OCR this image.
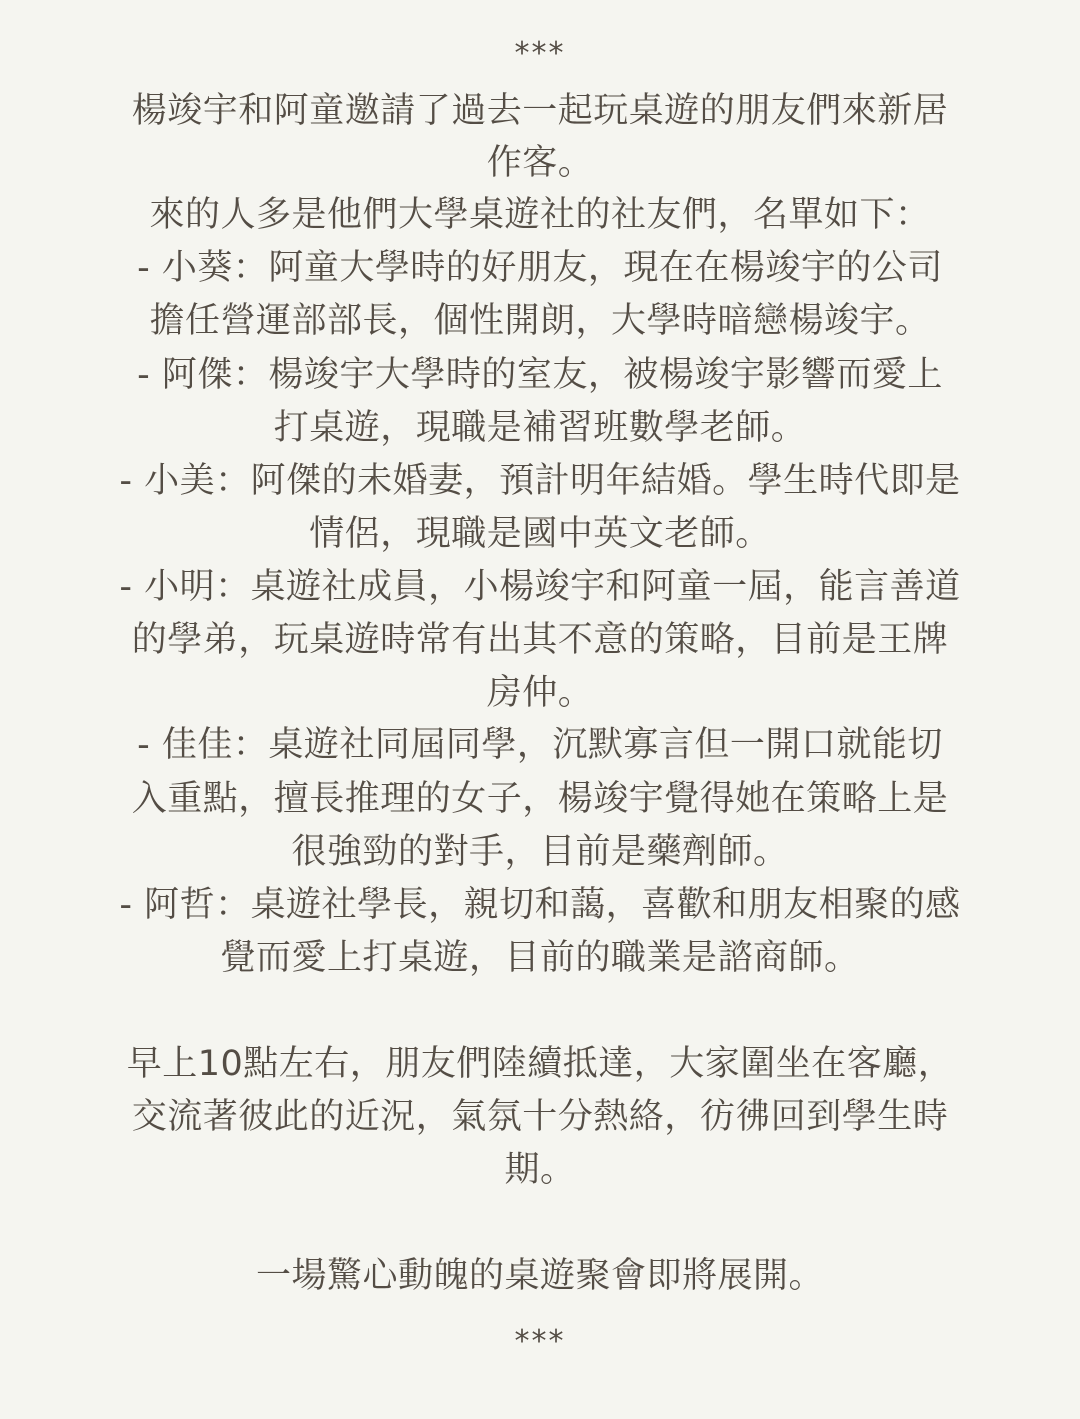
***
楊竣宇和阿童邀請了過去一起玩桌遊的朋友們來新居
作客。
來的人多是他們大學桌遊社的社友們，名單如下：
- 小葵：阿童大學時的好朋友，現在在楊竣宇的公司
擔任營運部部長，個性開朗，大學時暗戀楊竣宇。
- 阿傑：楊竣宇大學時的室友，被楊竣宇影響而愛上
打桌遊，現職是補習班數學老師。
- 小美：阿傑的未婚妻，預計明年結婚。學生時代即是
情侶，現職是國中英文老師。
- 小明：桌遊社成員，小楊竣宇和阿童一屆，能言善道
的學弟，玩桌遊時常有出其不意的策略，目前是王牌
房仲。
- 佳佳：桌遊社同屆同學，沉默寡言但一開口就能切
入重點，擅長推理的女子，楊竣宇覺得她在策略上是
很強勁的對手，目前是藥劑師。
- 阿哲：桌遊社學長，親切和藹，喜歡和朋友相聚的感
覺而愛上打桌遊，目前的職業是諮商師。
早上10點左右，朋友們陸續抵達，大家圍坐在客廳，
交流著彼此的近況，氣氛十分熱絡，彷彿回到學生時
期。
一場驚心動魄的桌遊聚會即將展開。
***
